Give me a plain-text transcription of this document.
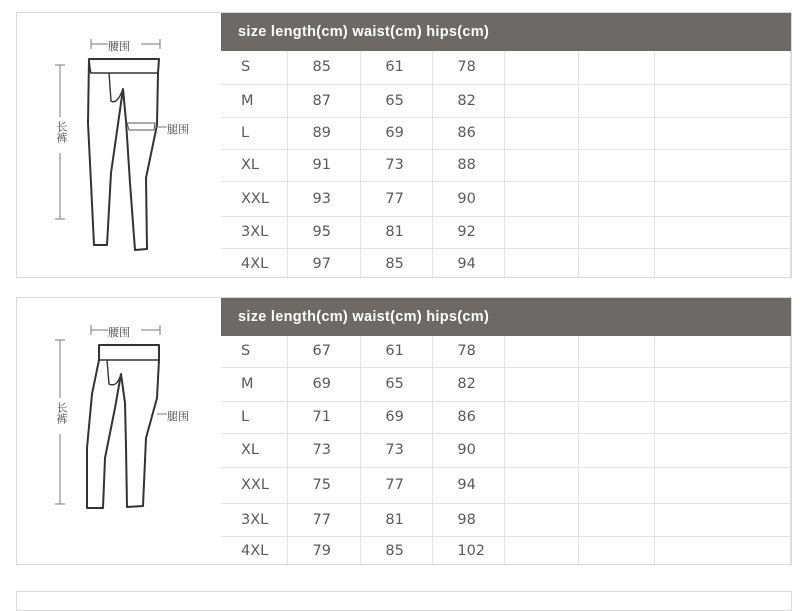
腰围
腿围
长裤
size length(cm) waist(cm) hips(cm)						
S	85	61	78			
M	87	65	82			
L	89	69	86			
XL	91	73	88			
XXL	93	77	90			
3XL	95	81	92			
4XL	97	85	94			
腰围
腿围
长裤
size length(cm) waist(cm) hips(cm)						
S	67	61	78			
M	69	65	82			
L	71	69	86			
XL	73	73	90			
XXL	75	77	94			
3XL	77	81	98			
4XL	79	85	102			
